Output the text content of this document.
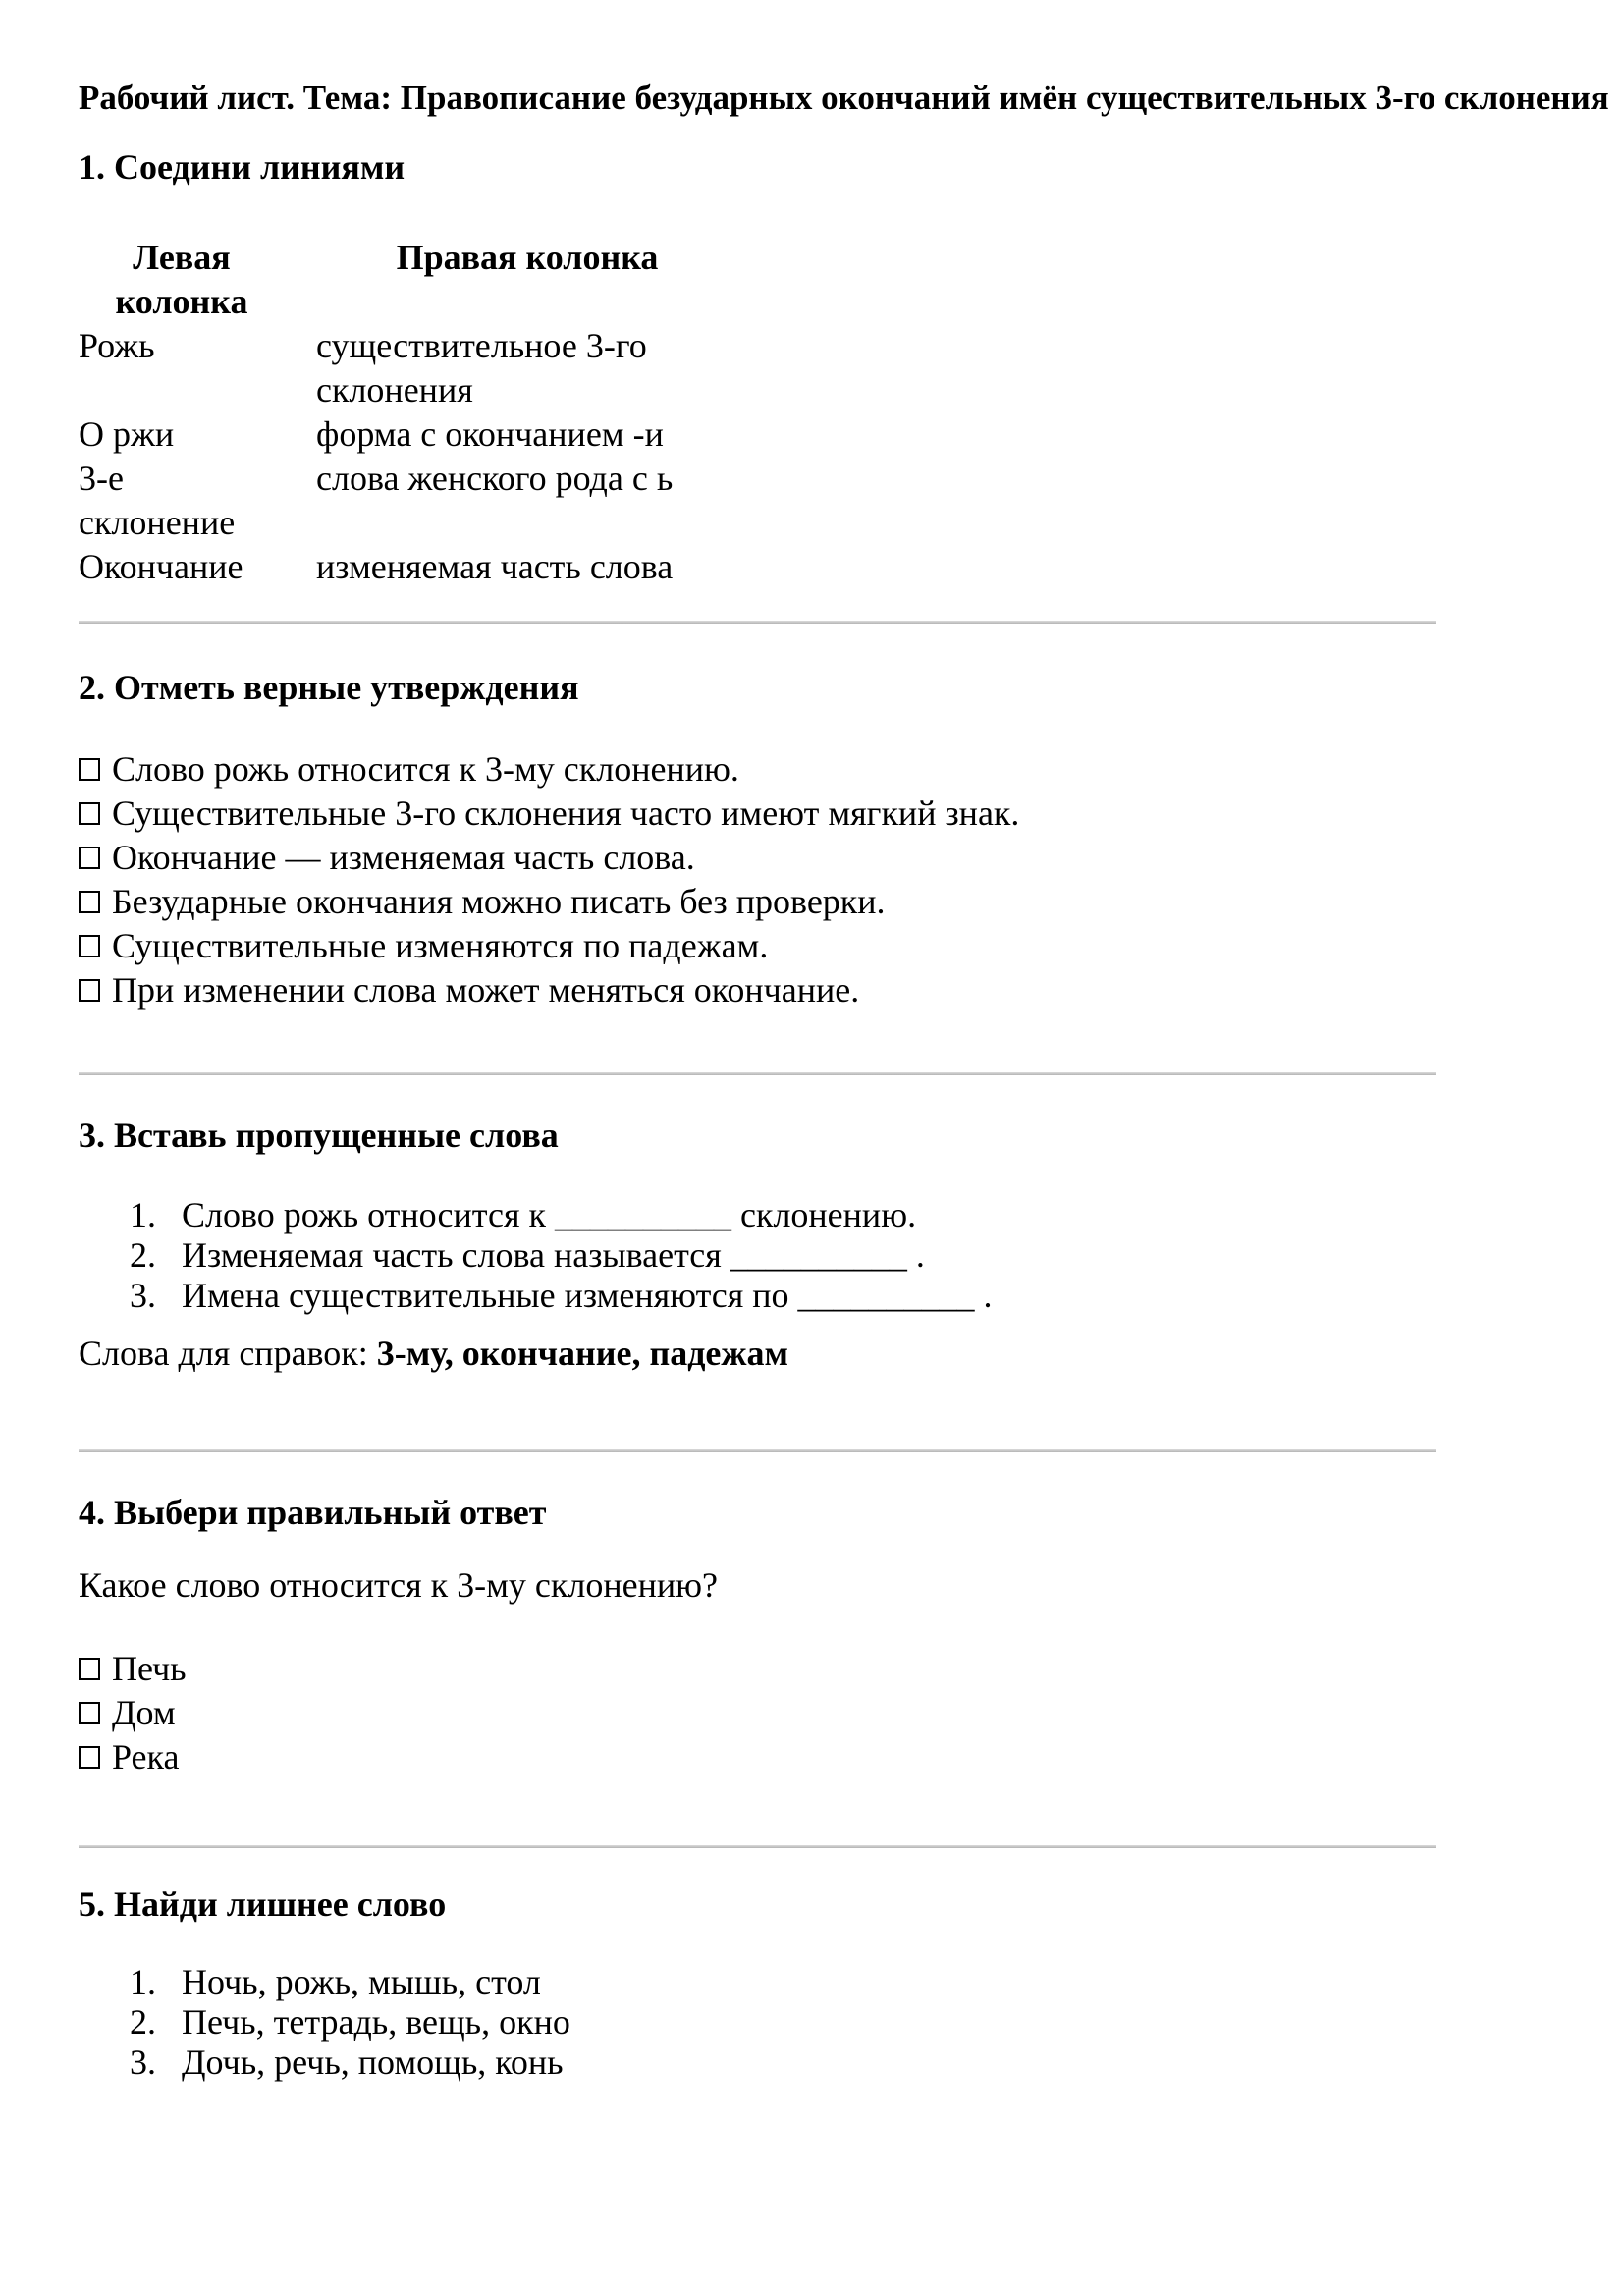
Рабочий лист. Тема: Правописание безударных окончаний имён существительных 3-го склонения
1. Соедини линиями
Левая колонка		Правая колонка
Рожь		существительное 3-го склонения
О ржи		форма с окончанием -и
3-е склонение		слова женского рода с ь
Окончание		изменяемая часть слова
2. Отметь верные утверждения
Слово рожь относится к 3-му склонению.
Существительные 3-го склонения часто имеют мягкий знак.
Окончание — изменяемая часть слова.
Безударные окончания можно писать без проверки.
Существительные изменяются по падежам.
При изменении слова может меняться окончание.
3. Вставь пропущенные слова
1. Слово рожь относится к __________ склонению.
2. Изменяемая часть слова называется __________ .
3. Имена существительные изменяются по __________ .
Слова для справок: 3-му, окончание, падежам
4. Выбери правильный ответ
Какое слово относится к 3-му склонению?
Печь
Дом
Река
5. Найди лишнее слово
1. Ночь, рожь, мышь, стол
2. Печь, тетрадь, вещь, окно
3. Дочь, речь, помощь, конь
